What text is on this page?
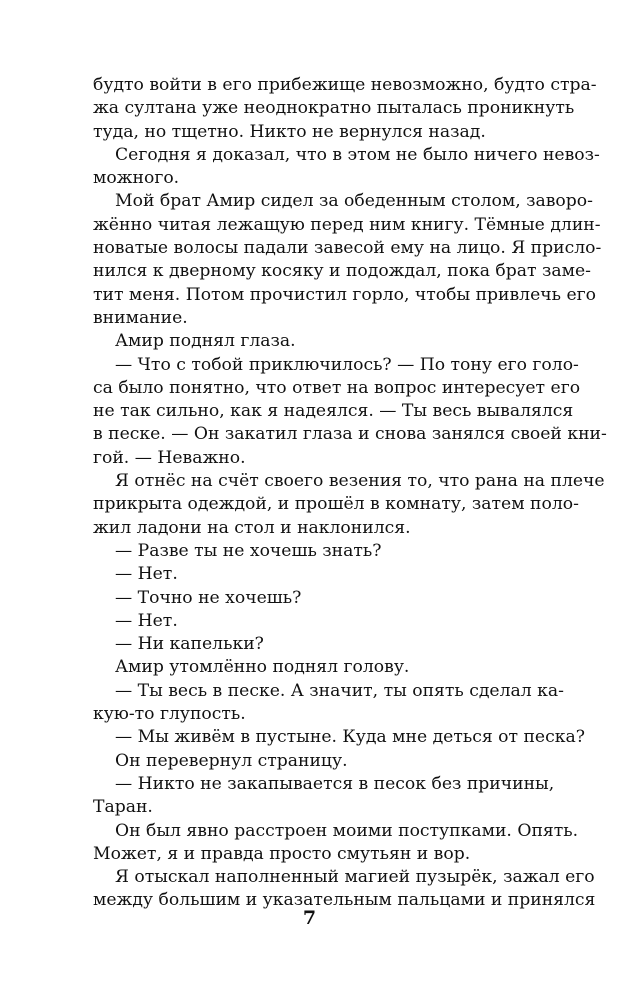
будто войти в его прибежище невозможно, будто стра-
жа султана уже неоднократно пыталась проникнуть
туда, но тщетно. Никто не вернулся назад.
Сегодня я доказал, что в этом не было ничего невоз-
можного.
Мой брат Амир сидел за обеденным столом, заворо-
жённо читая лежащую перед ним книгу. Тёмные длин-
новатые волосы падали завесой ему на лицо. Я присло-
нился к дверному косяку и подождал, пока брат заме-
тит меня. Потом прочистил горло, чтобы привлечь его
внимание.
Амир поднял глаза.
— Что с тобой приключилось? — По тону его голо-
са было понятно, что ответ на вопрос интересует его
не так сильно, как я надеялся. — Ты весь вывалялся
в песке. — Он закатил глаза и снова занялся своей кни-
гой. — Неважно.
Я отнёс на счёт своего везения то, что рана на плече
прикрыта одеждой, и прошёл в комнату, затем поло-
жил ладони на стол и наклонился.
— Разве ты не хочешь знать?
— Нет.
— Точно не хочешь?
— Нет.
— Ни капельки?
Амир утомлённо поднял голову.
— Ты весь в песке. А значит, ты опять сделал ка-
кую-то глупость.
— Мы живём в пустыне. Куда мне деться от песка?
Он перевернул страницу.
— Никто не закапывается в песок без причины,
Таран.
Он был явно расстроен моими поступками. Опять.
Может, я и правда просто смутьян и вор.
Я отыскал наполненный магией пузырёк, зажал его
между большим и указательным пальцами и принялся
7
